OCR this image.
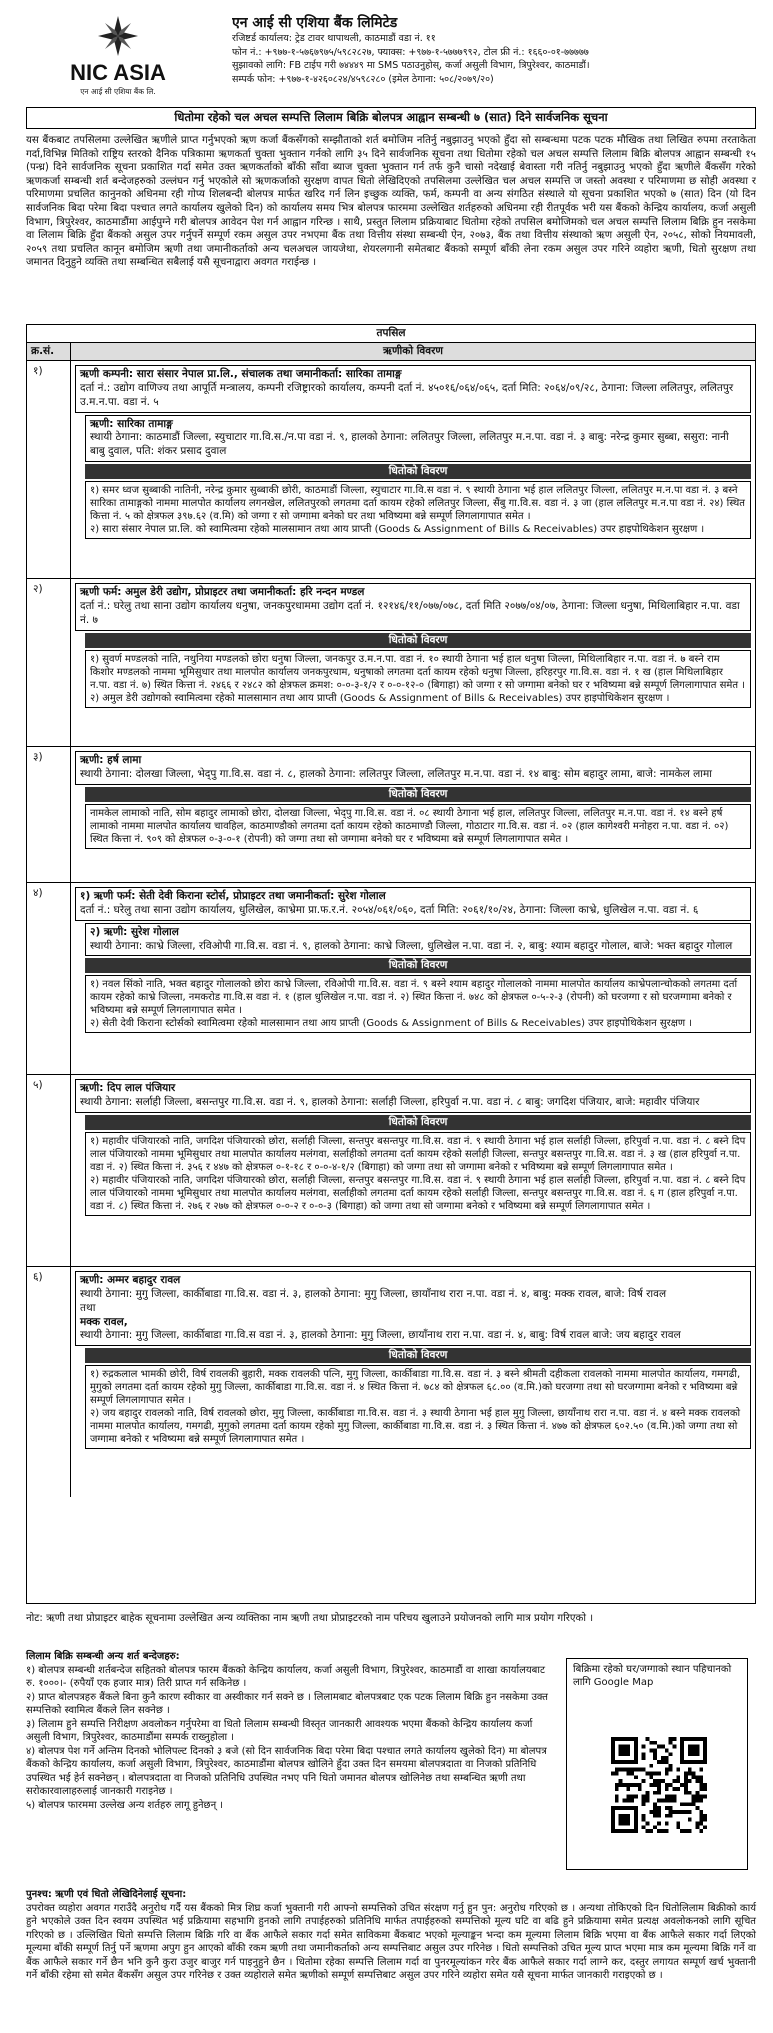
NIC ASIA
एन आई सी एशिया बैंक लि.
एन आई सी एशिया बैंक लिमिटेड
रजिष्टर्ड कार्यालय: ट्रेड टावर थापाथली, काठमाडौं वडा नं. ११
फोन नं.: +९७७-१-५७६७९७५/५९८२८२७, फ्याक्स: +९७७-१-५७७७९९२, टोल फ्री नं.: १६६०-०१-७७७७७
सुझावको लागि: FB टाईप गरी ७४४४९ मा SMS पठाउनुहोस्, कर्जा असुली विभाग, त्रिपुरेश्वर, काठमाडौं।
सम्पर्क फोन: +९७७-१-४२६०८२४/४५९८२८० (इमेल ठेगाना: ५०८/२०७९/२०)
धितोमा रहेको चल अचल सम्पत्ति लिलाम बिक्रि बोलपत्र आह्वान सम्बन्धी ७ (सात) दिने सार्वजनिक सूचना
यस बैंकबाट तपसिलमा उल्लेखित ऋणीले प्राप्त गर्नुभएको ऋण कर्जा बैंकसँगको सम्झौताको शर्त बमोजिम नतिर्नु नबुझाउनु भएको हुँदा सो सम्बन्धमा पटक पटक मौखिक तथा लिखित रुपमा तरताकेता गर्दा,विभिन्न मितिको राष्ट्रिय स्तरको दैनिक पत्रिकामा ऋणकर्ता चुक्ता भुक्तान गर्नको लागि ३५ दिने सार्वजनिक सूचना तथा धितोमा रहेको चल अचल सम्पत्ति लिलाम बिक्रि बोलपत्र आह्वान सम्बन्धी १५ (पन्ध्र) दिने सार्वजनिक सूचना प्रकाशित गर्दा समेत उक्त ऋणकर्ताको बाँकी साँवा ब्याज चुक्ता भुक्तान गर्न तर्फ कुनै चासो नदेखाई बेवास्ता गरी नतिर्नु नबुझाउनु भएको हुँदा ऋणीले बैंकसँग गरेको ऋणकर्जा सम्बन्धी शर्त बन्देजहरुको उल्लंघन गर्नु भएकोले सो ऋणकर्जाको सुरक्षण वापत धितो लेखिदिएको तपसिलमा उल्लेखित चल अचल सम्पत्ति ज जस्तो अवस्था र परिमाणमा छ सोही अवस्था र परिमाणमा प्रचलित कानुनको अधिनमा रही गोप्य शिलबन्दी बोलपत्र मार्फत खरिद गर्न लिन इच्छुक व्यक्ति, फर्म, कम्पनी वा अन्य संगठित संस्थाले यो सूचना प्रकाशित भएको ७ (सात) दिन (यो दिन सार्वजनिक बिदा परेमा बिदा पश्चात लगते कार्यालय खुलेको दिन) को कार्यालय समय भित्र बोलपत्र फारममा उल्लेखित शर्तहरुको अधिनमा रही रीतपूर्वक भरी यस बैंकको केन्द्रिय कार्यालय, कर्जा असुली विभाग, त्रिपुरेश्वर, काठमाडौंमा आईपुग्ने गरी बोलपत्र आवेदन पेश गर्न आह्वान गरिन्छ । साथै, प्रस्तुत लिलाम प्रक्रियाबाट धितोमा रहेको तपसिल बमोजिमको चल अचल सम्पत्ति लिलाम बिक्रि हुन नसकेमा वा लिलाम बिक्रि हुँदा बैंकको असुल उपर गर्नुपर्ने सम्पूर्ण रकम असुल उपर नभएमा बैंक तथा वित्तीय संस्था सम्बन्धी ऐन, २०७३, बैंक तथा वित्तीय संस्थाको ऋण असुली ऐन, २०५८, सोको नियमावली, २०५९ तथा प्रचलित कानून बमोजिम ऋणी तथा जमानीकर्ताको अन्य चलअचल जायजेथा, शेयरलगानी समेतबाट बैंकको सम्पूर्ण बाँकी लेना रकम असुल उपर गरिने व्यहोरा ऋणी, धितो सुरक्षण तथा जमानत दिनुहुने व्यक्ति तथा सम्बन्धित सबैलाई यसै सूचनाद्वारा अवगत गराईन्छ ।
तपसिल
क्र.सं.	ऋणीको विवरण
१)	ऋणी कम्पनी: सारा संसार नेपाल प्रा.लि., संचालक तथा जमानीकर्ता: सारिका तामाङ्ग
दर्ता नं.: उद्योग वाणिज्य तथा आपूर्ति मन्त्रालय, कम्पनी रजिष्ट्रारको कार्यालय, कम्पनी दर्ता नं. ४५०१६/०६४/०६५, दर्ता मिति: २०६४/०९/२८, ठेगाना: जिल्ला ललितपुर, ललितपुर उ.म.न.पा. वडा नं. ५
ऋणी: सारिका तामाङ्ग
स्थायी ठेगाना: काठमाडौं जिल्ला, स्युचाटार गा.वि.स./न.पा वडा नं. ९, हालको ठेगाना: ललितपुर जिल्ला, ललितपुर म.न.पा. वडा नं. ३ बाबु: नरेन्द्र कुमार सुब्बा, ससुरा: नानी बाबु दुवाल, पति: शंकर प्रसाद दुवाल
धितोको विवरण
१) समर ध्वज सुब्बाकी नातिनी, नरेन्द्र कुमार सुब्बाकी छोरी, काठमाडौं जिल्ला, स्युचाटार गा.वि.स वडा नं. ९ स्थायी ठेगाना भई हाल ललितपुर जिल्ला, ललितपुर म.न.पा वडा नं. ३ बस्ने सारिका तामाङ्गको नाममा मालपोत कार्यालय लगनखेल, ललितपुरको लगतमा दर्ता कायम रहेको ललितपुर जिल्ला, सैंबु गा.वि.स. वडा नं. ३ जा (हाल ललितपुर म.न.पा वडा नं. २४) स्थित कित्ता नं. ५ को क्षेत्रफल ३९७.६२ (व.मि) को जग्गा र सो जग्गामा बनेको घर तथा भविष्यमा बन्ने सम्पूर्ण लिगलागापात समेत ।
२) सारा संसार नेपाल प्रा.लि. को स्वामित्वमा रहेको मालसामान तथा आय प्राप्ती (Goods & Assignment of Bills & Receivables) उपर हाइपोथिकेशन सुरक्षण ।
२)	ऋणी फर्म: अमुल डेरी उद्योग, प्रोप्राइटर तथा जमानीकर्ता: हरि नन्दन मण्डल
दर्ता नं.: घरेलु तथा साना उद्योग कार्यालय धनुषा, जनकपुरधाममा उद्योग दर्ता नं. १२१४६/११/०७७/०७८, दर्ता मिति २०७७/०४/०७, ठेगाना: जिल्ला धनुषा, मिथिलाबिहार न.पा. वडा नं. ७
धितोको विवरण
१) सुवर्ण मण्डलको नाति, नथुनिया मण्डलको छोरा धनुषा जिल्ला, जनकपुर उ.म.न.पा. वडा नं. १० स्थायी ठेगाना भई हाल धनुषा जिल्ला, मिथिलाबिहार न.पा. वडा नं. ७ बस्ने राम किशोर मण्डलको नाममा भूमिसुधार तथा मालपोत कार्यालय जनकपुरधाम, धनुषाको लगतमा दर्ता कायम रहेको धनुषा जिल्ला, हरिहरपुर गा.वि.स. वडा नं. १ ख (हाल मिथिलाबिहार न.पा. वडा नं. ७) स्थित कित्ता नं. २४६६ र २४८२ को क्षेत्रफल क्रमश: ०-०-३-१/२ र ०-०-१२-० (बिगाहा) को जग्गा र सो जग्गामा बनेको घर र भविष्यमा बन्ने सम्पूर्ण लिगलागापात समेत ।
२) अमुल डेरी उद्योगको स्वामित्वमा रहेको मालसामान तथा आय प्राप्ती (Goods & Assignment of Bills & Receivables) उपर हाइपोथिकेशन सुरक्षण ।
३)	ऋणी: हर्ष लामा
स्थायी ठेगाना: दोलखा जिल्ला, भेद्पु गा.वि.स. वडा नं. ८, हालको ठेगाना: ललितपुर जिल्ला, ललितपुर म.न.पा. वडा नं. १४ बाबु: सोम बहादुर लामा, बाजे: नामकेल लामा
धितोको विवरण
नामकेल लामाको नाति, सोम बहादुर लामाको छोरा, दोलखा जिल्ला, भेद्पु गा.वि.स. वडा नं. ०८ स्थायी ठेगाना भई हाल, ललितपुर जिल्ला, ललितपुर म.न.पा. वडा नं. १४ बस्ने हर्ष लामाको नाममा मालपोत कार्यालय चावहिल, काठमाण्डौको लगतमा दर्ता कायम रहेको काठमाण्डौ जिल्ला, गोठाटार गा.वि.स. वडा नं. ०२ (हाल कागेश्वरी मनोहरा न.पा. वडा नं. ०२) स्थित कित्ता नं. ९०९ को क्षेत्रफल ०-३-०-१ (रोपनी) को जग्गा तथा सो जग्गामा बनेको घर र भविष्यमा बन्ने सम्पूर्ण लिगलागापात समेत ।
४)	१) ऋणी फर्म: सेती देवी किराना स्टोर्स, प्रोप्राइटर तथा जमानीकर्ता: सुरेश गोलाल
दर्ता नं.: घरेलु तथा साना उद्योग कार्यालय, धुलिखेल, काभ्रेमा प्रा.फ.र.नं. २०५४/०६१/०६०, दर्ता मिति: २०६१/१०/२४, ठेगाना: जिल्ला काभ्रे, धुलिखेल न.पा. वडा नं. ६
२) ऋणी: सुरेश गोलाल
स्थायी ठेगाना: काभ्रे जिल्ला, रविओपी गा.वि.स. वडा नं. ९, हालको ठेगाना: काभ्रे जिल्ला, धुलिखेल न.पा. वडा नं. २, बाबु: श्याम बहादुर गोलाल, बाजे: भक्त बहादुर गोलाल
धितोको विवरण
१) नवल सिंको नाति, भक्त बहादुर गोलालको छोरा काभ्रे जिल्ला, रविओपी गा.वि.स. वडा नं. ९ बस्ने श्याम बहादुर गोलालको नाममा मालपोत कार्यालय काभ्रेपलान्चोकको लगतमा दर्ता कायम रहेको काभ्रे जिल्ला, नमकरोड गा.वि.स वडा नं. १ (हाल धुलिखेल न.पा. वडा नं. २) स्थित कित्ता नं. ७४८ को क्षेत्रफल ०-५-२-३ (रोपनी) को घरजग्गा र सो घरजग्गामा बनेको र भविष्यमा बन्ने सम्पूर्ण लिगलागापात समेत ।
२) सेती देवी किराना स्टोर्सको स्वामित्वमा रहेको मालसामान तथा आय प्राप्ती (Goods & Assignment of Bills & Receivables) उपर हाइपोथिकेशन सुरक्षण ।
५)	ऋणी: दिप लाल पंजियार
स्थायी ठेगाना: सर्लाही जिल्ला, बसन्तपुर गा.वि.स. वडा नं. ९, हालको ठेगाना: सर्लाही जिल्ला, हरिपुर्वा न.पा. वडा नं. ८ बाबु: जगदिश पंजियार, बाजे: महावीर पंजियार
धितोको विवरण
१) महावीर पंजियारको नाति, जगदिश पंजियारको छोरा, सर्लाही जिल्ला, सन्तपुर बसन्तपुर गा.वि.स. वडा नं. ९ स्थायी ठेगाना भई हाल सर्लाही जिल्ला, हरिपुर्वा न.पा. वडा नं. ८ बस्ने दिप लाल पंजियारको नाममा भूमिसुधार तथा मालपोत कार्यालय मलंगवा, सर्लाहीको लगतमा दर्ता कायम रहेको सर्लाही जिल्ला, सन्तपुर बसन्तपुर गा.वि.स. वडा नं. ३ ख (हाल हरिपुर्वा न.पा. वडा नं. २) स्थित कित्ता नं. ३५६ र ४४७ को क्षेत्रफल ०-१-१८ र ०-०-४-१/२ (बिगाहा) को जग्गा तथा सो जग्गामा बनेको र भविष्यमा बन्ने सम्पूर्ण लिगलागापात समेत ।
२) महावीर पंजियारको नाति, जगदिश पंजियारको छोरा, सर्लाही जिल्ला, सन्तपुर बसन्तपुर गा.वि.स. वडा नं. ९ स्थायी ठेगाना भई हाल सर्लाही जिल्ला, हरिपुर्वा न.पा. वडा नं. ८ बस्ने दिप लाल पंजियारको नाममा भूमिसुधार तथा मालपोत कार्यालय मलंगवा, सर्लाहीको लगतमा दर्ता कायम रहेको सर्लाही जिल्ला, सन्तपुर बसन्तपुर गा.वि.स. वडा नं. ६ ग (हाल हरिपुर्वा न.पा. वडा नं. ८) स्थित कित्ता नं. २७६ र २७७ को क्षेत्रफल ०-०-२ र ०-०-३ (बिगाहा) को जग्गा तथा सो जग्गामा बनेको र भविष्यमा बन्ने सम्पूर्ण लिगलागापात समेत ।
६)	ऋणी: अम्मर बहादुर रावल
स्थायी ठेगाना: मुगु जिल्ला, कार्कीबाडा गा.वि.स. वडा नं. ३, हालको ठेगाना: मुगु जिल्ला, छायाँनाथ रारा न.पा. वडा नं. ४, बाबु: मक्क रावल, बाजे: विर्ष रावल
तथा
मक्क रावल,
स्थायी ठेगाना: मुगु जिल्ला, कार्कीबाडा गा.वि.स वडा नं. ३, हालको ठेगाना: मुगु जिल्ला, छायाँनाथ रारा न.पा. वडा नं. ४, बाबु: विर्ष रावल बाजे: जय बहादुर रावल
धितोको विवरण
१) रुद्रकलाल भामकी छोरी, विर्ष रावलकी बुहारी, मक्क रावलकी पत्नि, मुगु जिल्ला, कार्कीबाडा गा.वि.स. वडा नं. ३ बस्ने श्रीमती दहीकला रावलको नाममा मालपोत कार्यालय, गमगढी, मुगुको लगतमा दर्ता कायम रहेको मुगु जिल्ला, कार्कीबाडा गा.वि.स. वडा नं. ४ स्थित कित्ता नं. ७८४ को क्षेत्रफल ६८.०० (व.मि.)को घरजग्गा तथा सो घरजग्गामा बनेको र भविष्यमा बन्ने सम्पूर्ण लिगलागापात समेत ।
२) जय बहादुर रावलको नाति, विर्ष रावलको छोरा, मुगु जिल्ला, कार्कीबाडा गा.वि.स. वडा नं. ३ स्थायी ठेगाना भई हाल मुगु जिल्ला, छायाँनाथ रारा न.पा. वडा नं. ४ बस्ने मक्क रावलको नाममा मालपोत कार्यालय, गमगढी, मुगुको लगतमा दर्ता कायम रहेको मुगु जिल्ला, कार्कीबाडा गा.वि.स. वडा नं. ३ स्थित कित्ता नं. ४७७ को क्षेत्रफल ६०२.५० (व.मि.)को जग्गा तथा सो जग्गामा बनेको र भविष्यमा बन्ने सम्पूर्ण लिगलागापात समेत ।
नोट: ऋणी तथा प्रोप्राइटर बाहेक सूचनामा उल्लेखित अन्य व्यक्तिका नाम ऋणी तथा प्रोप्राइटरको नाम परिचय खुलाउने प्रयोजनको लागि मात्र प्रयोग गरिएको ।
लिलाम बिक्रि सम्बन्धी अन्य शर्त बन्देजहरु:
१) बोलपत्र सम्बन्धी शर्तबन्देज सहितको बोलपत्र फारम बैंकको केन्द्रिय कार्यालय, कर्जा असुली विभाग, त्रिपुरेश्वर, काठमाडौं वा शाखा कार्यालयबाट रु. १०००।- (रुपैयाँ एक हजार मात्र) तिरी प्राप्त गर्न सकिनेछ ।
२) प्राप्त बोलपत्रहरु बैंकले बिना कुनै कारण स्वीकार वा अस्वीकार गर्न सक्ने छ । लिलामबाट बोलपत्रबाट एक पटक लिलाम बिक्रि हुन नसकेमा उक्त सम्पत्तिको स्वामित्व बैंकले लिन सक्नेछ ।
३) लिलाम हुने सम्पत्ति निरीक्षण अवलोकन गर्नुपरेमा वा धितो लिलाम सम्बन्धी विस्तृत जानकारी आवश्यक भएमा बैंकको केन्द्रिय कार्यालय कर्जा असुली विभाग, त्रिपुरेश्वर, काठमाडौंमा सम्पर्क राख्नुहोला ।
४) बोलपत्र पेश गर्ने अन्तिम दिनको भोलिपल्ट दिनको ३ बजे (सो दिन सार्वजनिक बिदा परेमा बिदा पश्चात लगते कार्यालय खुलेको दिन) मा बोलपत्र बैंकको केन्द्रिय कार्यालय, कर्जा असुली विभाग, त्रिपुरेश्वर, काठमाडौंमा बोलपत्र खोलिने हुँदा उक्त दिन समयमा बोलपत्रदाता वा निजको प्रतिनिधि उपस्थित भई हेर्न सक्नेछन् । बोलपत्रदाता वा निजको प्रतिनिधि उपस्थित नभए पनि धितो जमानत बोलपत्र खोलिनेछ तथा सम्बन्धित ऋणी तथा सरोकारवालाहरुलाई जानकारी गराइनेछ ।
५) बोलपत्र फारममा उल्लेख अन्य शर्तहरु लागू हुनेछन् ।
बिक्रिमा रहेको घर/जग्गाको स्थान पहिचानको लागि Google Map
पुनश्च: ऋणी एवं धितो लेखिदिनेलाई सूचना:
उपरोक्त व्यहोरा अवगत गराउँदै अनुरोध गर्दै यस बैंकको मित्र शिघ्र कर्जा भुक्तानी गरी आफ्नो सम्पत्तिको उचित संरक्षण गर्नु हुन पुन: अनुरोध गरिएको छ । अन्यथा तोकिएको दिन धितोलिलाम बिक्रीको कार्य हुने भएकोले उक्त दिन स्वयम उपस्थित भई प्रक्रियामा सहभागि हुनको लागि तपाईहरुको प्रतिनिधि मार्फत तपाईहरुको सम्पत्तिको मूल्य घटि वा बढि हुने प्रक्रियामा समेत प्रत्यक्ष अवलोकनको लागि सूचित गरिएको छ । उल्लिखित धितो सम्पत्ति लिलाम बिक्रि गरि वा बैंक आफैले सकार गर्दा समेत साविकमा बैंकबाट भएको मूल्याङ्कन भन्दा कम मूल्यमा लिलाम बिक्रि भएमा वा बैंक आफैले सकार गर्दा लिएको मूल्यमा बाँकी सम्पूर्ण तिर्नु पर्ने ऋणमा अपुग हुन आएको बाँकी रकम ऋणी तथा जमानीकर्ताको अन्य सम्पत्तिबाट असुल उपर गरिनेछ । धितो सम्पत्तिको उचित मूल्य प्राप्त भएमा मात्र कम मूल्यमा बिक्रि गर्ने वा बैंक आफैले सकार गर्ने छैन भनि कुनै कुरा उजुर बाजुर गर्न पाइनुहुने छैन । धितोमा रहेका सम्पत्ति लिलाम गर्दा वा पुनरमूल्यांकन गरेर बैंक आफैले सकार गर्दा लाग्ने कर, दस्तुर लगायत सम्पूर्ण खर्च भुक्तानी गर्ने बाँकी रहेमा सो समेत बैंकसँग असुल उपर गरिनेछ र उक्त व्यहोराले समेत ऋणीको सम्पूर्ण सम्पत्तिबाट असुल उपर गरिने व्यहोरा समेत यसै सूचना मार्फत जानकारी गराइएको छ ।
